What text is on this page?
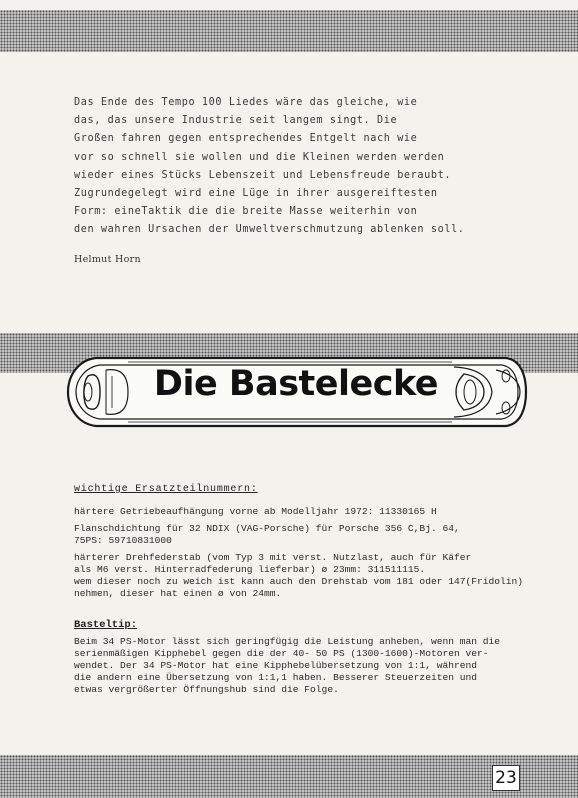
Das Ende des Tempo 100 Liedes wäre das gleiche, wie
das, das unsere Industrie seit langem singt. Die
Großen fahren gegen entsprechendes Entgelt nach wie
vor so schnell sie wollen und die Kleinen werden werden
wieder eines Stücks Lebenszeit und Lebensfreude beraubt.
Zugrundegelegt wird eine Lüge in ihrer ausgereiftesten
Form: eineTaktik die die breite Masse weiterhin von
den wahren Ursachen der Umweltverschmutzung ablenken soll.
Helmut Horn
Die Bastelecke
wichtige Ersatzteilnummern:
härtere Getriebeaufhängung vorne ab Modelljahr 1972: 11330165 H
Flanschdichtung für 32 NDIX (VAG-Porsche) für Porsche 356 C,Bj. 64,
75PS: 59710831000
härterer Drehfederstab (vom Typ 3 mit verst. Nutzlast, auch für Käfer
als M6 verst. Hinterradfederung lieferbar) ø 23mm: 311511115.
wem dieser noch zu weich ist kann auch den Drehstab vom 181 oder 147(Fridolin)
nehmen, dieser hat einen ø von 24mm.
Basteltip:
Beim 34 PS-Motor lässt sich geringfügig die Leistung anheben, wenn man die
serienmäßigen Kipphebel gegen die der 40- 50 PS (1300-1600)-Motoren ver-
wendet. Der 34 PS-Motor hat eine Kipphebelübersetzung von 1:1, während
die andern eine Übersetzung von 1:1,1 haben. Besserer Steuerzeiten und
etwas vergrößerter Öffnungshub sind die Folge.
23
